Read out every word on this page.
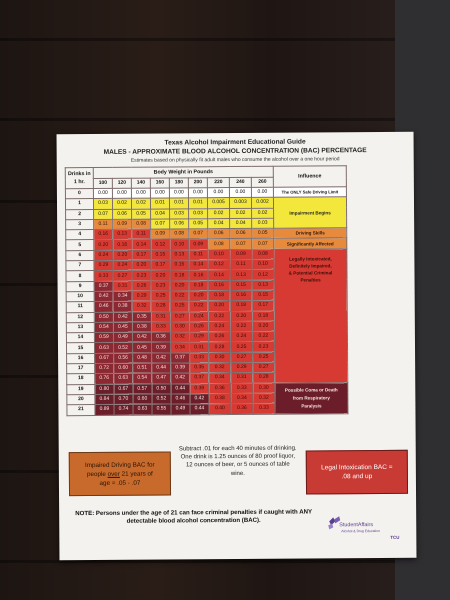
Texas Alcohol Impairment Educational Guide
MALES - APPROXIMATE BLOOD ALCOHOL CONCENTRATION (BAC) PERCENTAGE
Estimates based on physically fit adult males who consume the alcohol over a one hour period
Drinks in 1 hr.	Body Weight in Pounds									Influence
	100	120	140	160	180	200	220	240	260	
0	0.00	0.00	0.00	0.00	0.00	0.00	0.00	0.00	0.00	The ONLY Safe Driving Limit
1	0.03	0.02	0.02	0.01	0.01	0.01	0.005	0.003	0.002	Impairment Begins
2	0.07	0.06	0.05	0.04	0.03	0.03	0.02	0.02	0.02	
3	0.11	0.09	0.08	0.07	0.06	0.05	0.04	0.04	0.03	
4	0.16	0.13	0.11	0.09	0.08	0.07	0.06	0.06	0.05	Driving Skills
5	0.20	0.16	0.14	0.12	0.10	0.09	0.08	0.07	0.07	Significantly Affected
6	0.24	0.20	0.17	0.15	0.13	0.11	0.10	0.09	0.08	Legally Intoxicated,
Definitely Impaired,
& Potential Criminal
Penalties

7	0.29	0.24	0.20	0.17	0.15	0.14	0.12	0.11	0.10	
8	0.33	0.27	0.23	0.20	0.18	0.16	0.14	0.13	0.12	
9	0.37	0.31	0.26	0.23	0.20	0.18	0.16	0.15	0.13	
10	0.42	0.34	0.29	0.25	0.22	0.20	0.18	0.16	0.15	
11	0.46	0.38	0.32	0.28	0.25	0.22	0.20	0.18	0.17	
12	0.50	0.42	0.35	0.31	0.27	0.24	0.22	0.20	0.18	
13	0.54	0.45	0.38	0.33	0.30	0.26	0.24	0.22	0.20	
14	0.59	0.49	0.42	0.36	0.32	0.29	0.26	0.24	0.22	
15	0.63	0.52	0.45	0.39	0.34	0.31	0.28	0.25	0.23	
16	0.67	0.56	0.48	0.42	0.37	0.33	0.30	0.27	0.25	
17	0.72	0.60	0.51	0.44	0.39	0.35	0.32	0.29	0.27	
18	0.76	0.63	0.54	0.47	0.42	0.37	0.34	0.31	0.28	
19	0.80	0.67	0.57	0.50	0.44	0.39	0.36	0.33	0.30	Possible Coma or Death
from Respiratory
Paralysis

20	0.84	0.70	0.60	0.52	0.46	0.42	0.38	0.34	0.32	
21	0.89	0.74	0.63	0.55	0.49	0.44	0.40	0.36	0.33	
Impaired Driving BAC for
people over 21 years of
age = .05 - .07
Subtract .01 for each 40 minutes of drinking. One drink is 1.25 ounces of 80 proof liquor, 12 ounces of beer, or 5 ounces of table wine.
Legal Intoxication BAC =
.08 and up
NOTE: Persons under the age of 21 can face criminal penalties if caught with ANY detectable blood alcohol concentration (BAC).
StudentAffairs
Alcohol & Drug Education
TCU
